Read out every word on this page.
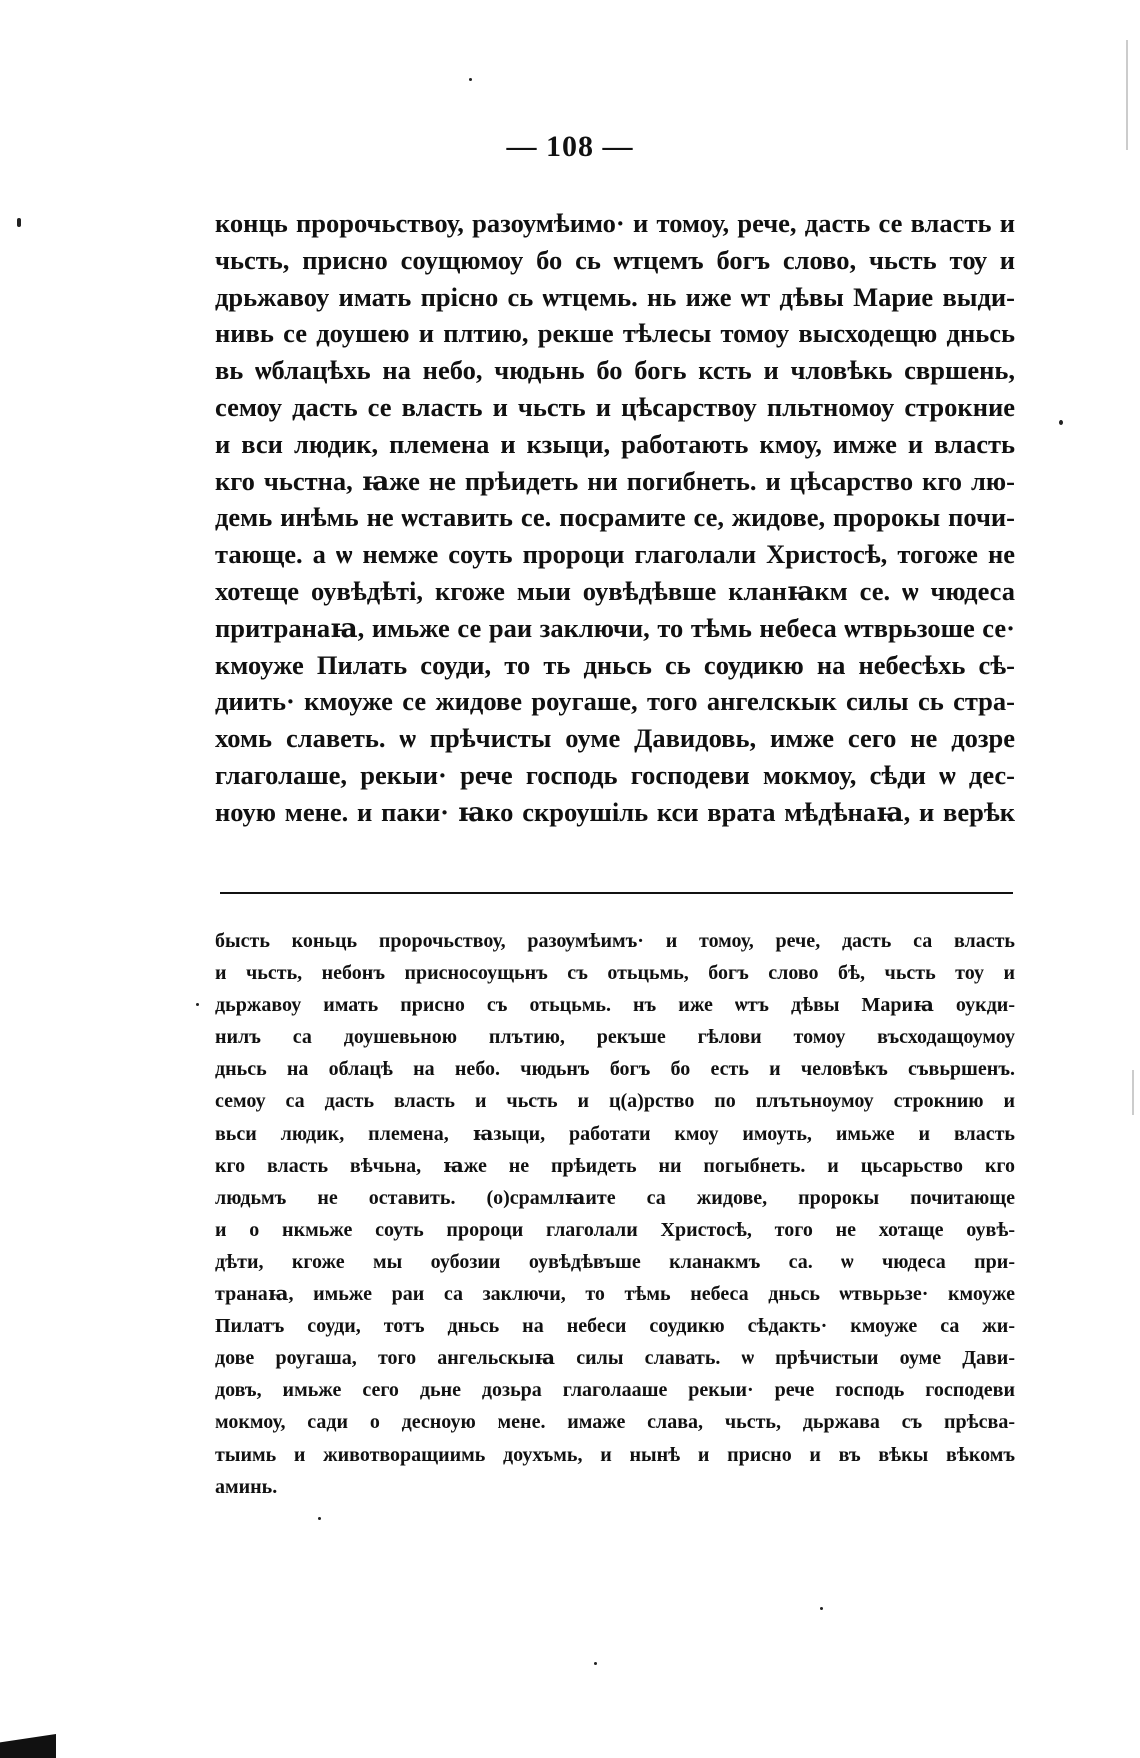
— 108 —
конць пророчьствоу, разоумѣимо· и томоу, рече, дасть се власть и
чьсть, присно соущюмоу бо сь ѡтцемъ богъ слово, чьсть тѹ и
дрьжавоу имать прісно сь ѡтцемь. нь иже ѡт дѣвы Марие выди-
нивь се доушею и плтию, рекше тѣлесы томоу высходещю дньсь
вь ѡблацѣхь на небо, чюдьнь бо богь ксть и чловѣкь свршень,
семоу дасть се власть и чьсть и цѣсарствоу пльтномоу строкние
и вси людик, племена и кзыци, работають кмоу, имже и власть
кго чьстна, ꙗже не прѣидеть ни погибнеть. и цѣсарство кго лю-
демь инѣмь не ѡставить се. посрамите се, жидове, пророкы почи-
тающе. а ѡ немже соуть пророци глаголали Христосѣ, тогоже не
хотеще оувѣдѣті, кгоже мыи оувѣдѣвше кланꙗкм се. ѡ чюдеса
притранаꙗ, имьже се раи заключи, то тѣмь небеса ѡтврьзоше се·
кмоуже Пилать соуди, то ть дньсь сь соудикю на небесѣхь сѣ-
диить· кмоуже се жидове роугаше, того ангелскык силы сь стра-
хомь славеть. ѡ прѣчисты оуме Давидовь, имже сего не дозре
глаголаше, рекыи· рече господь господеви мокмоу, сѣди ѡ дес-
ноую мене. и паки· ꙗко скроушіль кси врата мѣдѣнаꙗ, и верѣк
бысть коньць пророчьствоу, разѹмѣимъ· и томоу, рече, дасть са власть
и чьсть, небонъ присносоущьнъ съ отьцьмь, богъ слово бѣ, чьсть тоу и
дьржавоу имать присно съ отьцьмь. нъ иже ѡтъ дѣвы Мариꙗ оукди-
нилъ са доушевьною плътию, рекъше гѣлови томоу въсходащоумоу
дньсь на облацѣ на небо. чюдьнъ богъ бо есть и человѣкъ съвьршенъ.
семоу са дасть власть и чьсть и ц(а)рство по плътьноумоу строкнию и
вьси людик, племена, ꙗзыци, работати кмоу имоуть, имьже и власть
кго власть вѣчьна, ꙗже не прѣидеть ни погыбнеть. и цьсарьство кго
людьмъ не оставить. (о)срамлꙗите са жидове, пророкы почитающе
и о нкмьже соуть пророци глаголали Христосѣ, того не хотаще оувѣ-
дѣти, кгоже мы оубозии оувѣдѣвъше кланакмъ са. ѡ чюдеса при-
транаꙗ, имьже раи са заключи, то тѣмь небеса дньсь ѡтвьрьзе· кмоуже
Пилатъ соуди, тотъ дньсь на небеси соудикю сѣдакть· кмоуже са жи-
дове роугаша, того ангельскыꙗ силы славать. ѡ прѣчистыи оуме Дави-
довъ, имьже сего дьне дозьра глаголааше рекыи· рече господь господеви
мокмоу, сади о десноую мене. имаже слава, чьсть, дьржава съ прѣсва-
тыимь и животворащиимь доухъмь, и нынѣ и присно и въ вѣкы вѣкомъ
аминь.
